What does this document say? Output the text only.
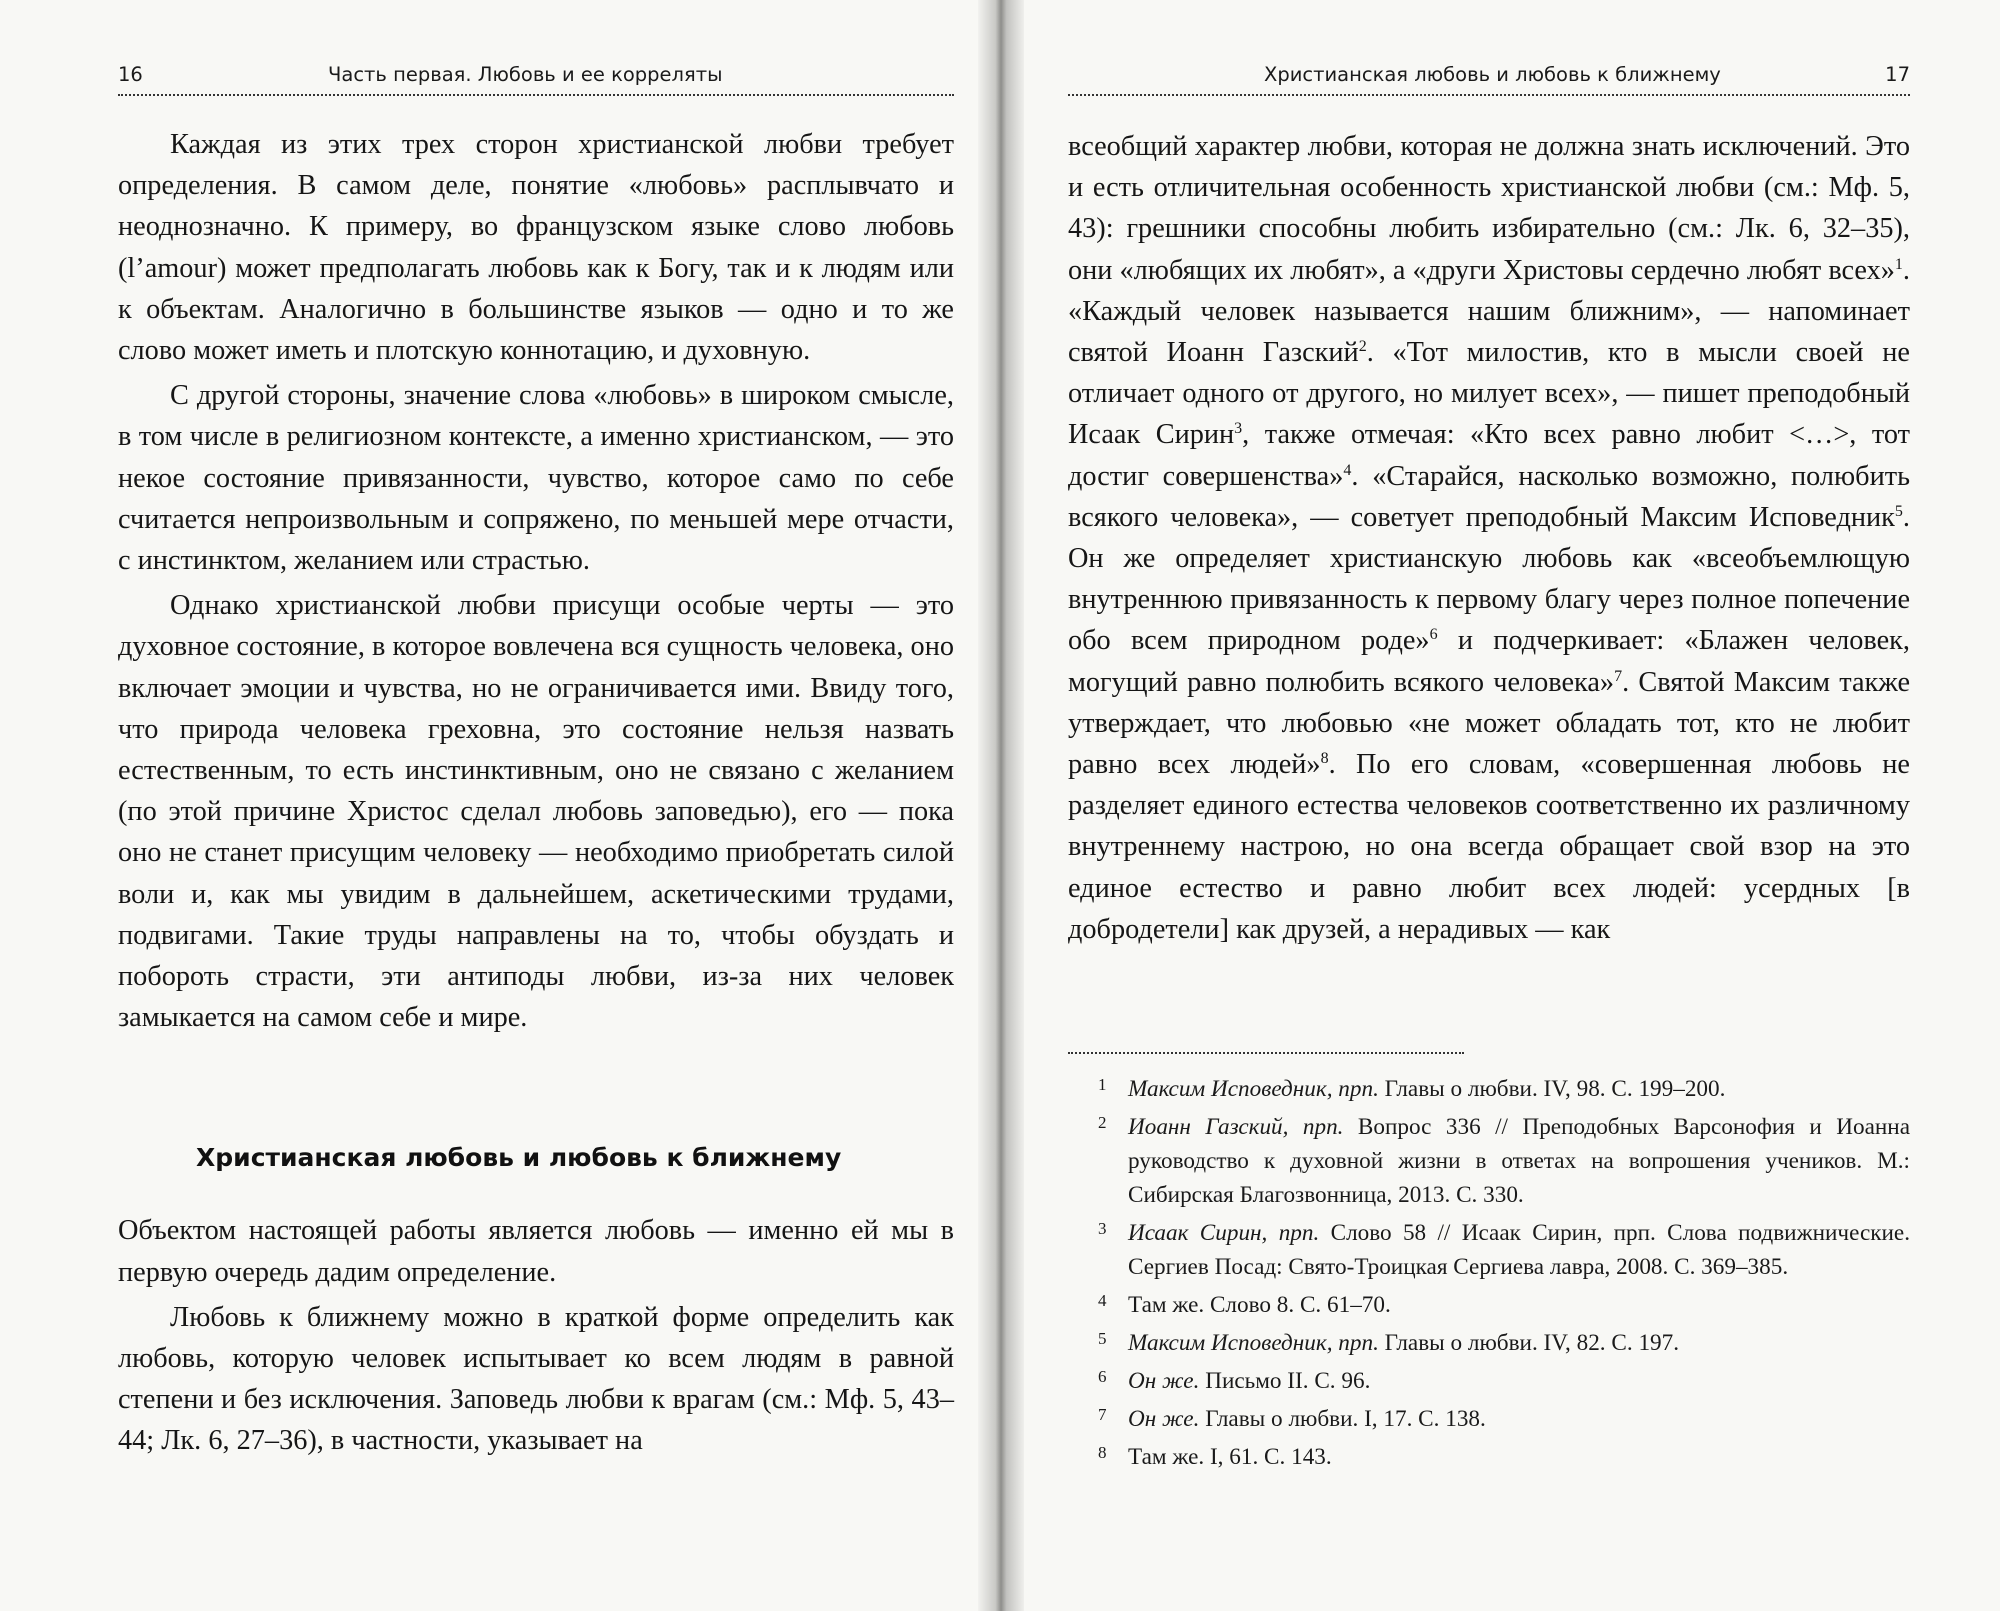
16	Часть первая. Любовь и ее корреляты

Каждая из этих трех сторон христианской любви требует определения. В самом деле, понятие «любовь» расплывчато и неоднозначно. К примеру, во французском языке слово любовь (l’amour) может предполагать любовь как к Богу, так и к людям или к объектам. Аналогично в большинстве языков — одно и то же слово может иметь и плотскую коннотацию, и духовную.

С другой стороны, значение слова «любовь» в широком смысле, в том числе в религиозном контексте, а именно христианском, — это некое состояние привязанности, чувство, которое само по себе считается непроизвольным и сопряжено, по меньшей мере отчасти, с инстинктом, желанием или страстью.

Однако христианской любви присущи особые черты — это духовное состояние, в которое вовлечена вся сущность человека, оно включает эмоции и чувства, но не ограничивается ими. Ввиду того, что природа человека греховна, это состояние нельзя назвать естественным, то есть инстинктивным, оно не связано с желанием (по этой причине Христос сделал любовь заповедью), его — пока оно не станет присущим человеку — необходимо приобретать силой воли и, как мы увидим в дальнейшем, аскетическими трудами, подвигами. Такие труды направлены на то, чтобы обуздать и побороть страсти, эти антиподы любви, из-за них человек замыкается на самом себе и мире.

Христианская любовь и любовь к ближнему

Объектом настоящей работы является любовь — именно ей мы в первую очередь дадим определение.

Любовь к ближнему можно в краткой форме определить как любовь, которую человек испытывает ко всем людям в равной степени и без исключения. Заповедь любви к врагам (см.: Мф. 5, 43–44; Лк. 6, 27–36), в частности, указывает на

Христианская любовь и любовь к ближнему	17

всеобщий характер любви, которая не должна знать исключений. Это и есть отличительная особенность христианской любви (см.: Мф. 5, 43): грешники способны любить избирательно (см.: Лк. 6, 32–35), они «любящих их любят», а «други Христовы сердечно любят всех»$^1$. «Каждый человек называется нашим ближним», — напоминает святой Иоанн Газский$^2$. «Тот милостив, кто в мысли своей не отличает одного от другого, но милует всех», — пишет преподобный Исаак Сирин$^3$, также отмечая: «Кто всех равно любит <…>, тот достиг совершенства»$^4$. «Старайся, насколько возможно, полюбить всякого человека», — советует преподобный Максим Исповедник$^5$. Он же определяет христианскую любовь как «всеобъемлющую внутреннюю привязанность к первому благу через полное попечение обо всем природном роде»$^6$ и подчеркивает: «Блажен человек, могущий равно полюбить всякого человека»$^7$. Святой Максим также утверждает, что любовью «не может обладать тот, кто не любит равно всех людей»$^8$. По его словам, «совершенная любовь не разделяет единого естества человеков соответственно их различному внутреннему настрою, но она всегда обращает свой взор на это единое естество и равно любит всех людей: усердных [в добродетели] как друзей, а нерадивых — как

1 Максим Исповедник, прп. Главы о любви. IV, 98. С. 199–200.

2 Иоанн Газский, прп. Вопрос 336 // Преподобных Варсонофия и Иоанна руководство к духовной жизни в ответах на вопрошения учеников. М.: Сибирская Благозвонница, 2013. С. 330.

3 Исаак Сирин, прп. Слово 58 // Исаак Сирин, прп. Слова подвижнические. Сергиев Посад: Свято-Троицкая Сергиева лавра, 2008. С. 369–385.

4 Там же. Слово 8. С. 61–70.

5 Максим Исповедник, прп. Главы о любви. IV, 82. С. 197.

6 Он же. Письмо II. С. 96.

7 Он же. Главы о любви. I, 17. С. 138.

8 Там же. I, 61. С. 143.
